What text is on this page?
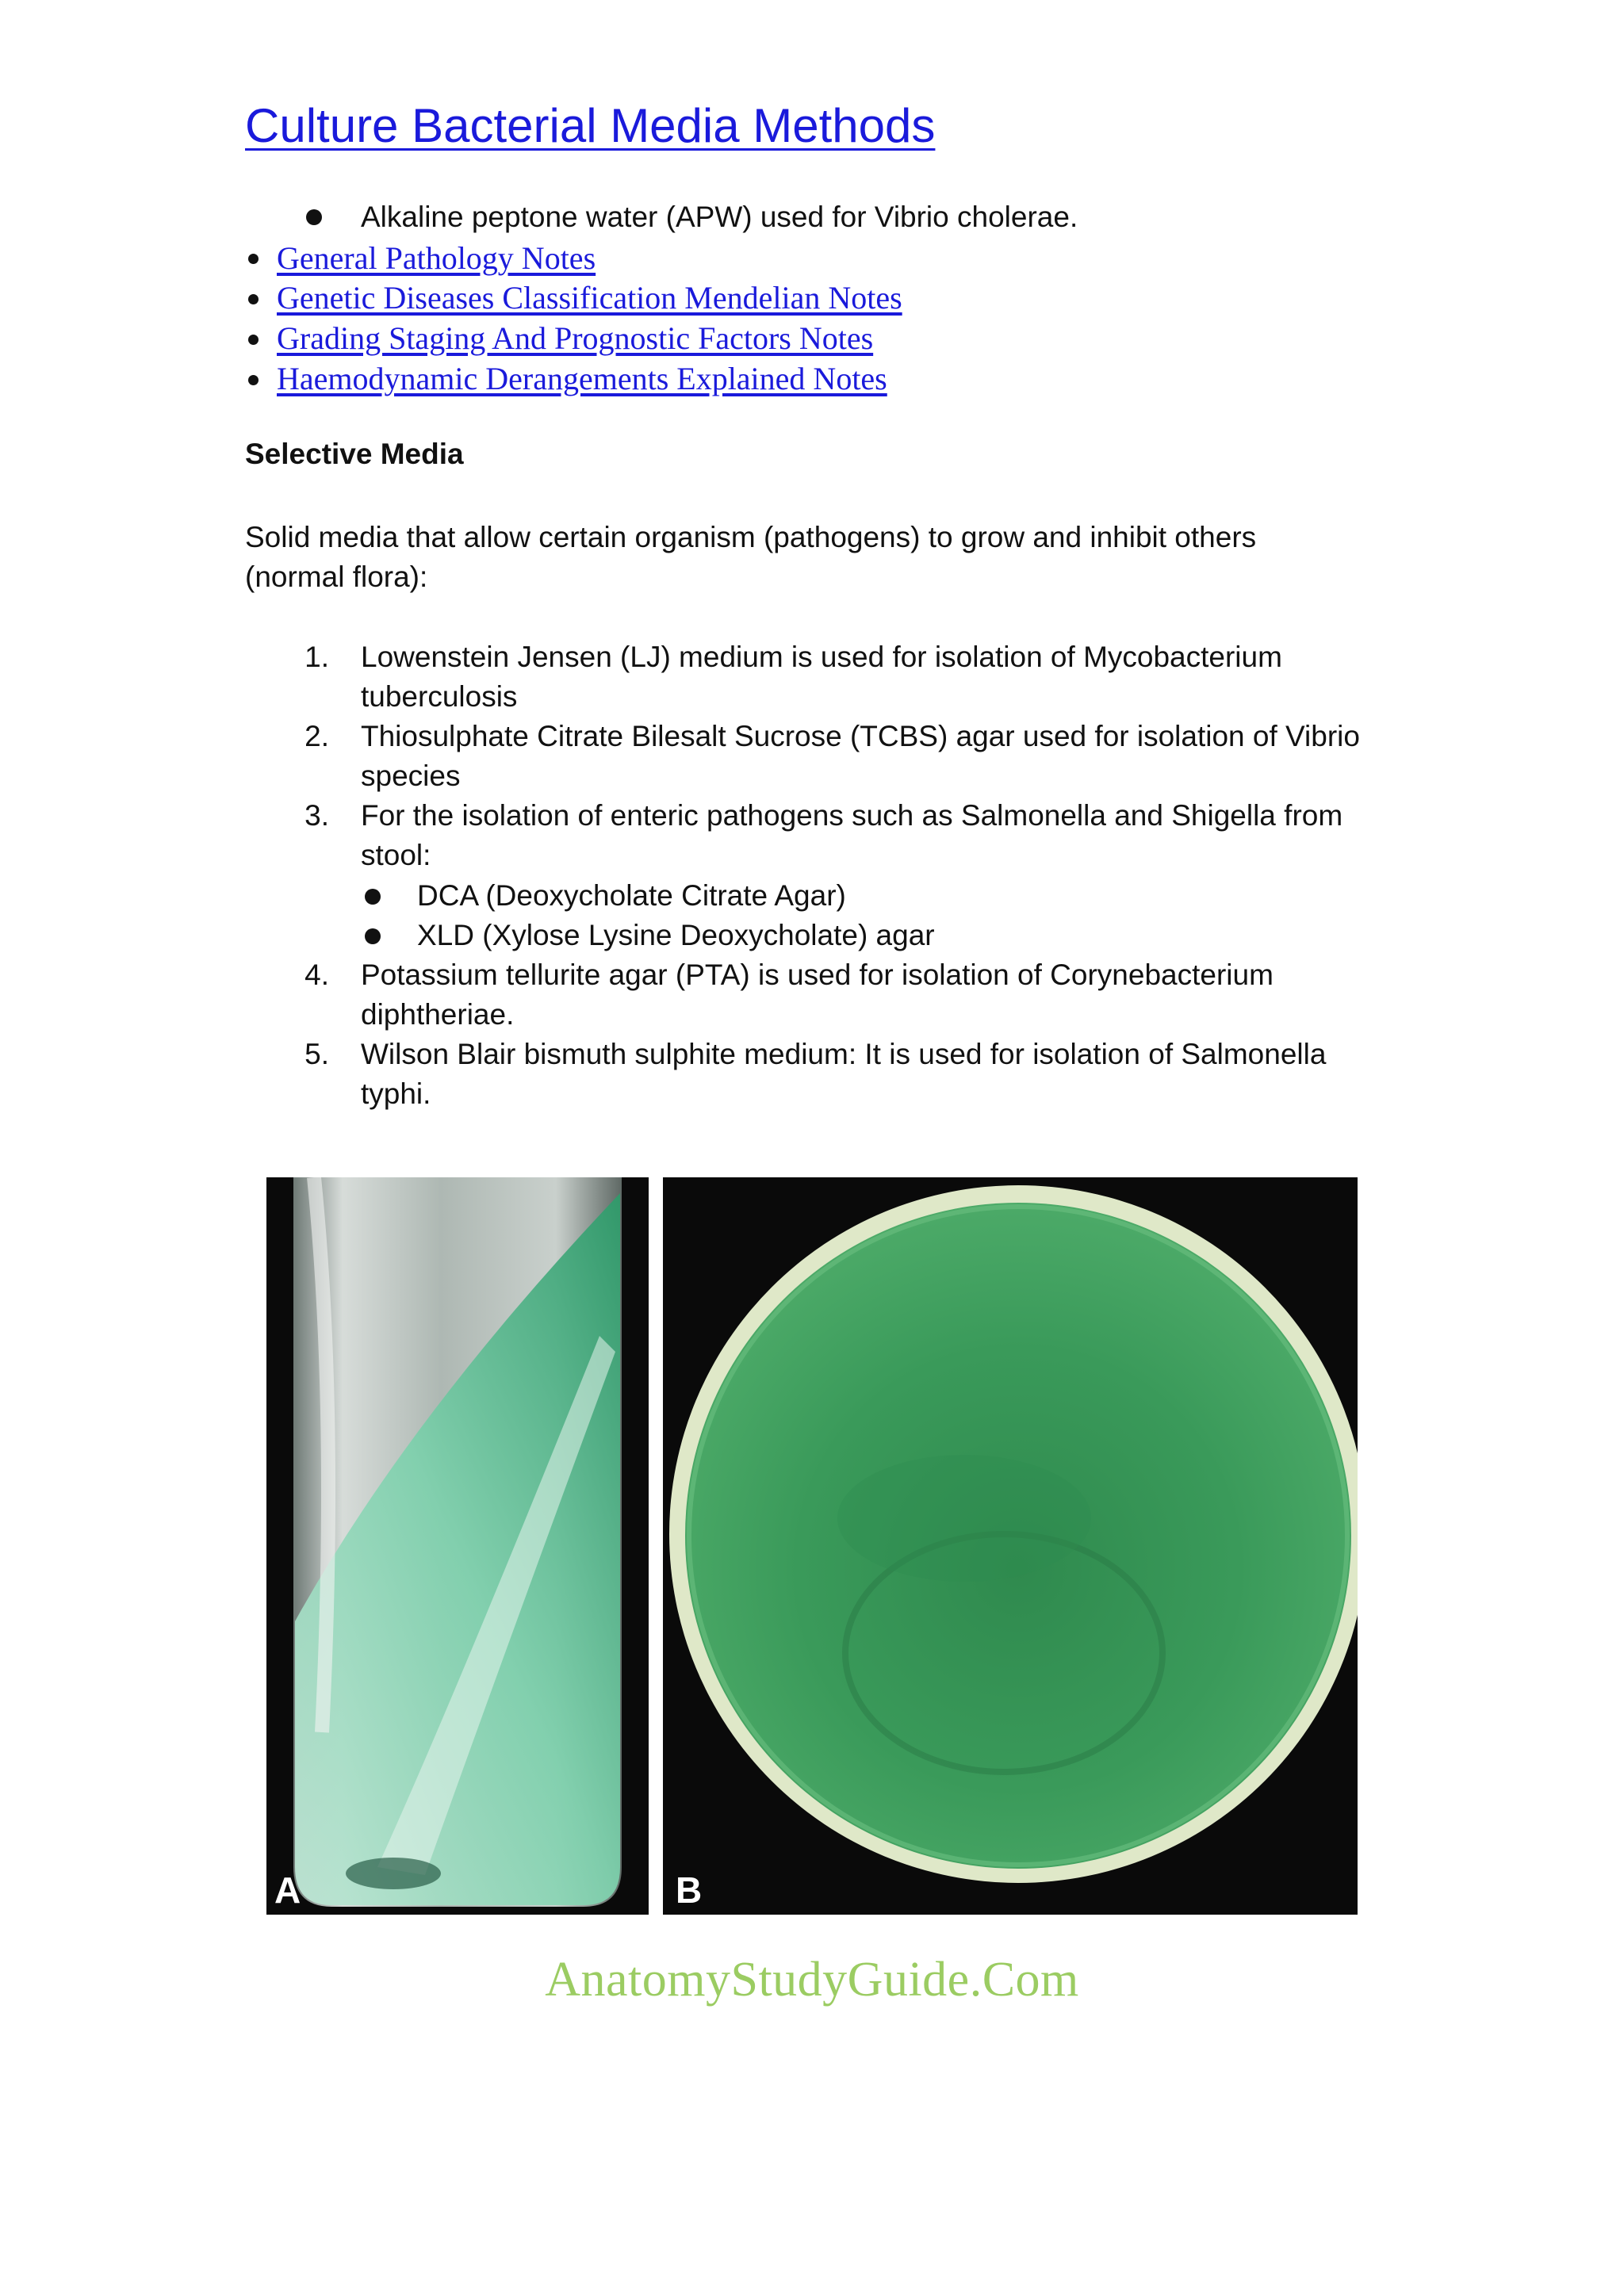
Culture Bacterial Media Methods
Alkaline peptone water (APW) used for Vibrio cholerae.
General Pathology Notes
Genetic Diseases Classification Mendelian Notes
Grading Staging And Prognostic Factors Notes
Haemodynamic Derangements Explained Notes
Selective Media
Solid media that allow certain organism (pathogens) to grow and inhibit others
(normal flora):
1. Lowenstein Jensen (LJ) medium is used for isolation of Mycobacterium
tuberculosis
2. Thiosulphate Citrate Bilesalt Sucrose (TCBS) agar used for isolation of Vibrio
species
3. For the isolation of enteric pathogens such as Salmonella and Shigella from
stool:
DCA (Deoxycholate Citrate Agar)
XLD (Xylose Lysine Deoxycholate) agar
4. Potassium tellurite agar (PTA) is used for isolation of Corynebacterium
diphtheriae.
5. Wilson Blair bismuth sulphite medium: It is used for isolation of Salmonella
typhi.
A	B
AnatomyStudyGuide.Com
